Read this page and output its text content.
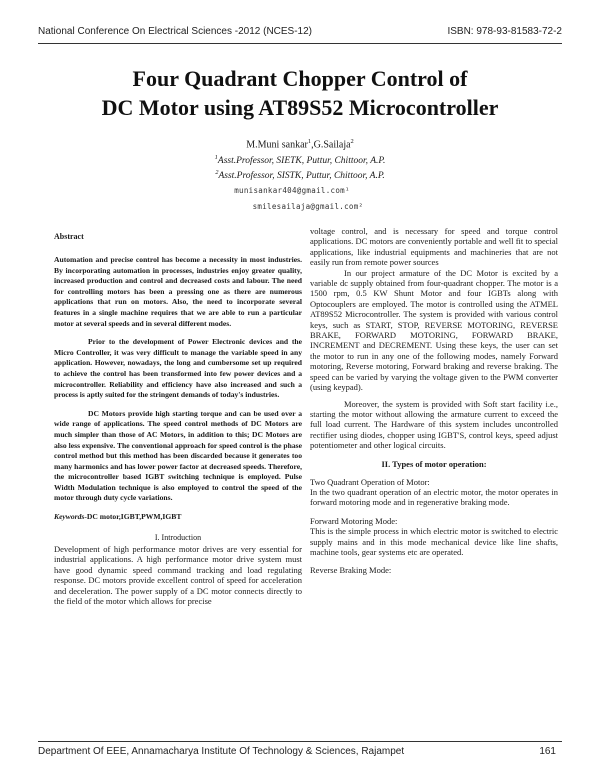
National Conference On Electrical Sciences -2012 (NCES-12)	ISBN: 978-93-81583-72-2
Four Quadrant Chopper Control of
DC Motor using AT89S52 Microcontroller
M.Muni sankar$^1$,G.Sailaja$^2$
$^1$Asst.Professor, SIETK, Puttur, Chittoor, A.P.
$^2$Asst.Professor, SISTK, Puttur, Chittoor, A.P.
munisankar404@gmail.com¹
smilesailaja@gmail.com²
Abstract

Automation and precise control has become a necessity in most industries. By incorporating automation in processes, industries enjoy greater quality, increased production and control and decreased costs and labour. The need for controlling motors has been a pressing one as there are numerous applications that run on motors. Also, the need to incorporate several features in a single machine requires that we are able to run a particular motor at several speeds and in several different modes.

Prior to the development of Power Electronic devices and the Micro Controller, it was very difficult to manage the variable speed in any application. However, nowadays, the long and cumbersome set up required to achieve the control has been transformed into few power devices and a microcontroller. Reliability and efficiency have also increased and such a process is aptly suited for the stringent demands of today's industries.

DC Motors provide high starting torque and can be used over a wide range of applications. The speed control methods of DC Motors are much simpler than those of AC Motors, in addition to this; DC Motors are also less expensive. The conventional approach for speed control is the phase control method but this method has been discarded because it generates too many harmonics and has lower power factor at decreased speeds. Therefore, the microcontroller based IGBT switching technique is employed. Pulse Width Modulation technique is also employed to control the speed of the motor through duty cycle variations.

Keywords-DC motor,IGBT,PWM,IGBT
I. Introduction

Development of high performance motor drives are very essential for industrial applications. A high performance motor drive system must have good dynamic speed command tracking and load regulating response. DC motors provide excellent control of speed for acceleration and deceleration. The power supply of a DC motor connects directly to the field of the motor which allows for precise

voltage control, and is necessary for speed and torque control applications. DC motors are conveniently portable and well fit to special applications, like industrial equipments and machineries that are not easily run from remote power sources

In our project armature of the DC Motor is excited by a variable dc supply obtained from four-quadrant chopper. The motor is a 1500 rpm, 0.5 KW Shunt Motor and four IGBTs along with Optocouplers are employed. The motor is controlled using the ATMEL AT89S52 Microcontroller. The system is provided with various control keys, such as START, STOP, REVERSE MOTORING, REVERSE BRAKE, FORWARD MOTORING, FORWARD BRAKE, INCREMENT and DECREMENT. Using these keys, the user can set the motor to run in any one of the following modes, namely Forward motoring, Reverse motoring, Forward braking and reverse braking. The speed can be varied by varying the voltage given to the PWM converter (using keypad).

Moreover, the system is provided with Soft start facility i.e., starting the motor without allowing the armature current to exceed the full load current. The Hardware of this system includes uncontrolled rectifier using diodes, chopper using IGBT'S, control keys, speed adjust potentiometer and other logical circuits.

II. Types of motor operation:
Two Quadrant Operation of Motor:

In the two quadrant operation of an electric motor, the motor operates in forward motoring mode and in regenerative braking mode.

Forward Motoring Mode:

This is the simple process in which electric motor is switched to electric supply mains and in this mode mechanical device like line shafts, machine tools, gear systems etc are operated.

Reverse Braking Mode:
Department Of EEE, Annamacharya Institute Of Technology & Sciences, Rajampet	161
